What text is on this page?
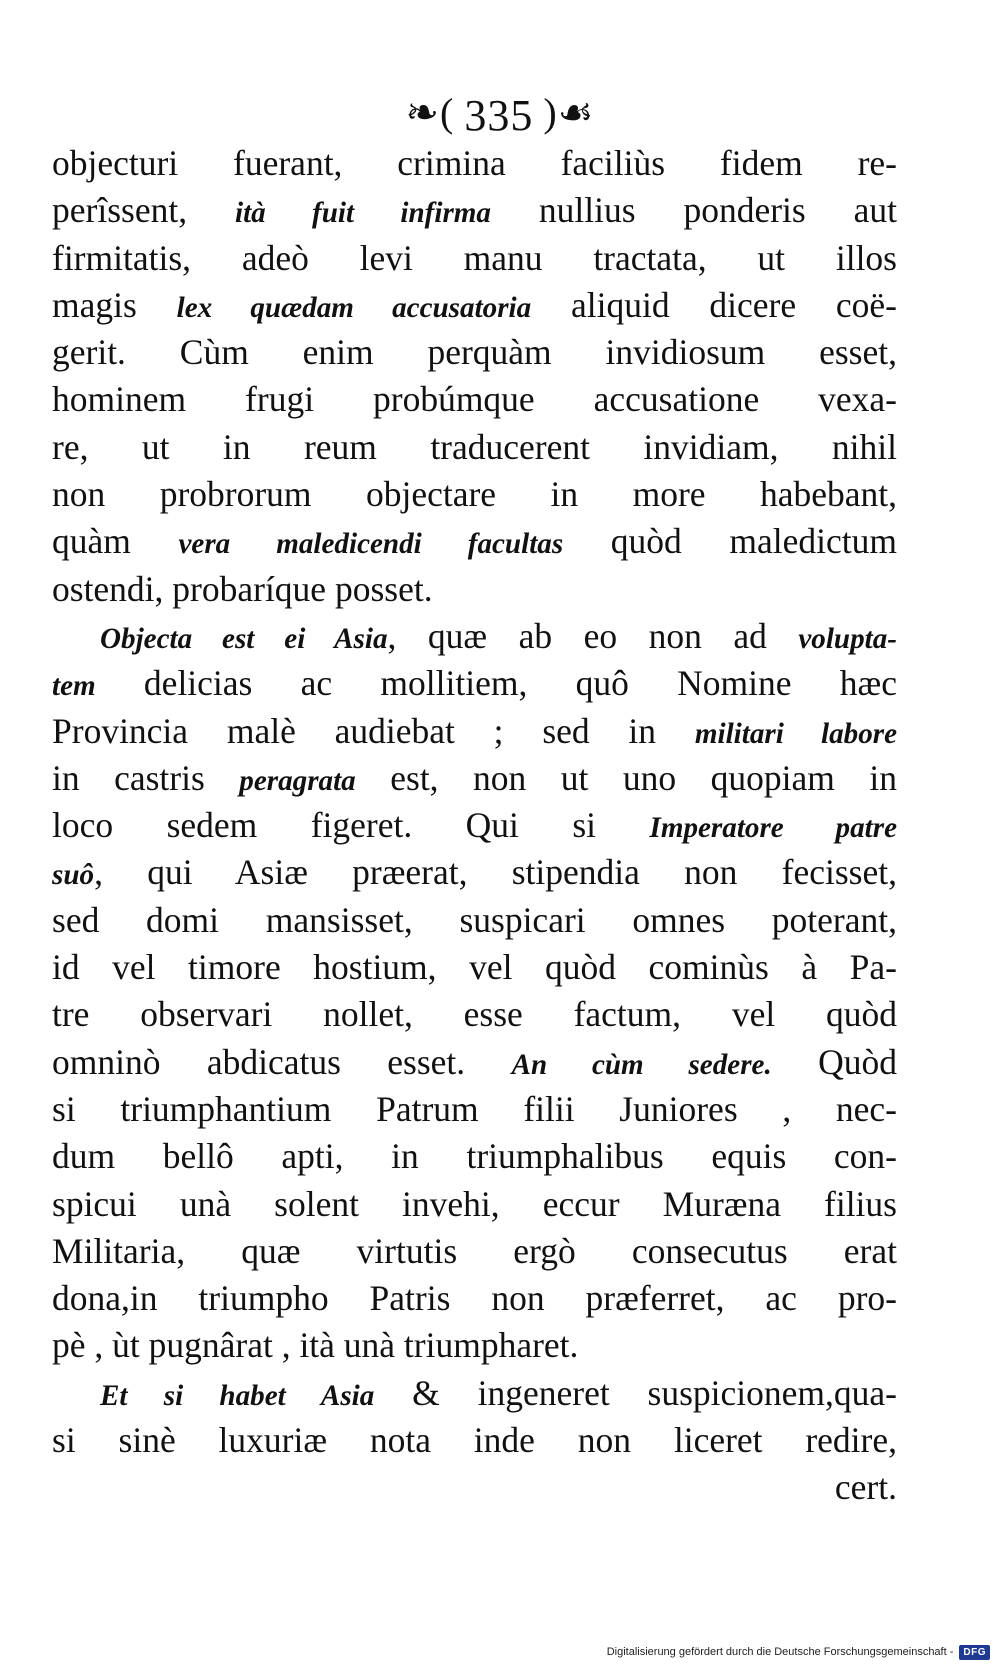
❧( 335 )☙
objecturi fuerant, crimina faciliùs fidem re-
perîssent, ità fuit infirma nullius ponderis aut
firmitatis, adeò levi manu tractata, ut illos
magis lex quædam accusatoria aliquid dicere coë-
gerit. Cùm enim perquàm invidiosum esset,
hominem frugi probúmque accusatione vexa-
re, ut in reum traducerent invidiam, nihil
non probrorum objectare in more habebant,
quàm vera maledicendi facultas quòd maledictum
ostendi, probaríque posset.
Objecta est ei Asia, quæ ab eo non ad volupta-
tem delicias ac mollitiem, quô Nomine hæc
Provincia malè audiebat ; sed in militari labore
in castris peragrata est, non ut uno quopiam in
loco sedem figeret. Qui si Imperatore patre
suô, qui Asiæ præerat, stipendia non fecisset,
sed domi mansisset, suspicari omnes poterant,
id vel timore hostium, vel quòd cominùs à Pa-
tre observari nollet, esse factum, vel quòd
omninò abdicatus esset. An cùm sedere. Quòd
si triumphantium Patrum filii Juniores , nec-
dum bellô apti, in triumphalibus equis con-
spicui unà solent invehi, eccur Muræna filius
Militaria, quæ virtutis ergò consecutus erat
dona,in triumpho Patris non præferret, ac pro-
pè , ùt pugnârat , ità unà triumpharet.
Et si habet Asia & ingeneret suspicionem,qua-
si sinè luxuriæ nota inde non liceret redire,
cert.
Digitalisierung gefördert durch die Deutsche Forschungsgemeinschaft -	DFG
